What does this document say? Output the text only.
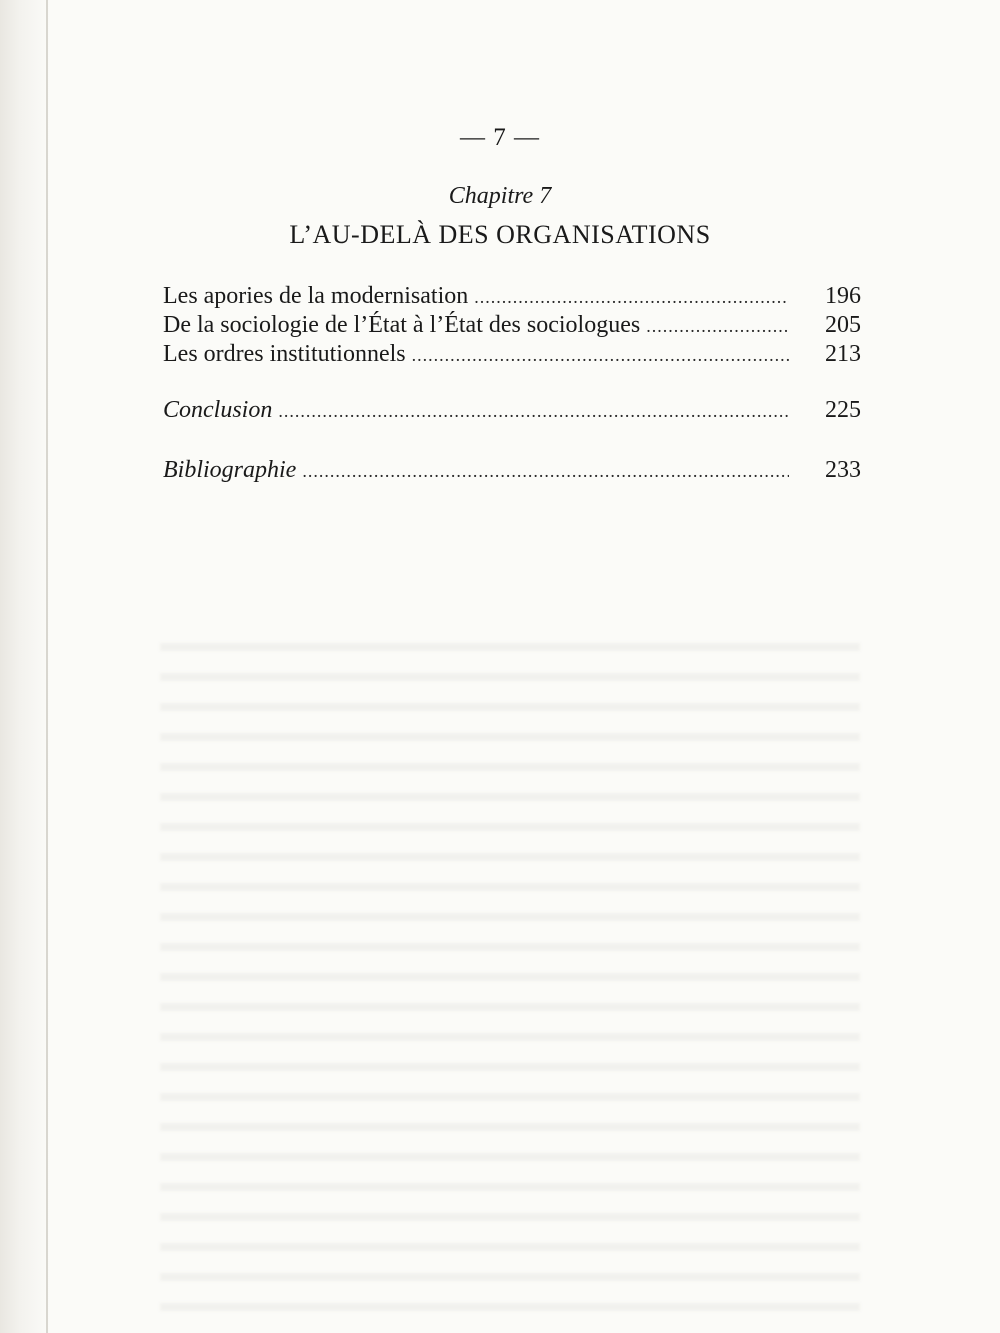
— 7 —
Chapitre 7
L’AU-DELÀ DES ORGANISATIONS
Les apories de la modernisation .....	196
De la sociologie de l’État à l’État des sociologues .....	205
Les ordres institutionnels .....	213
Conclusion .....	225
Bibliographie .....	233
